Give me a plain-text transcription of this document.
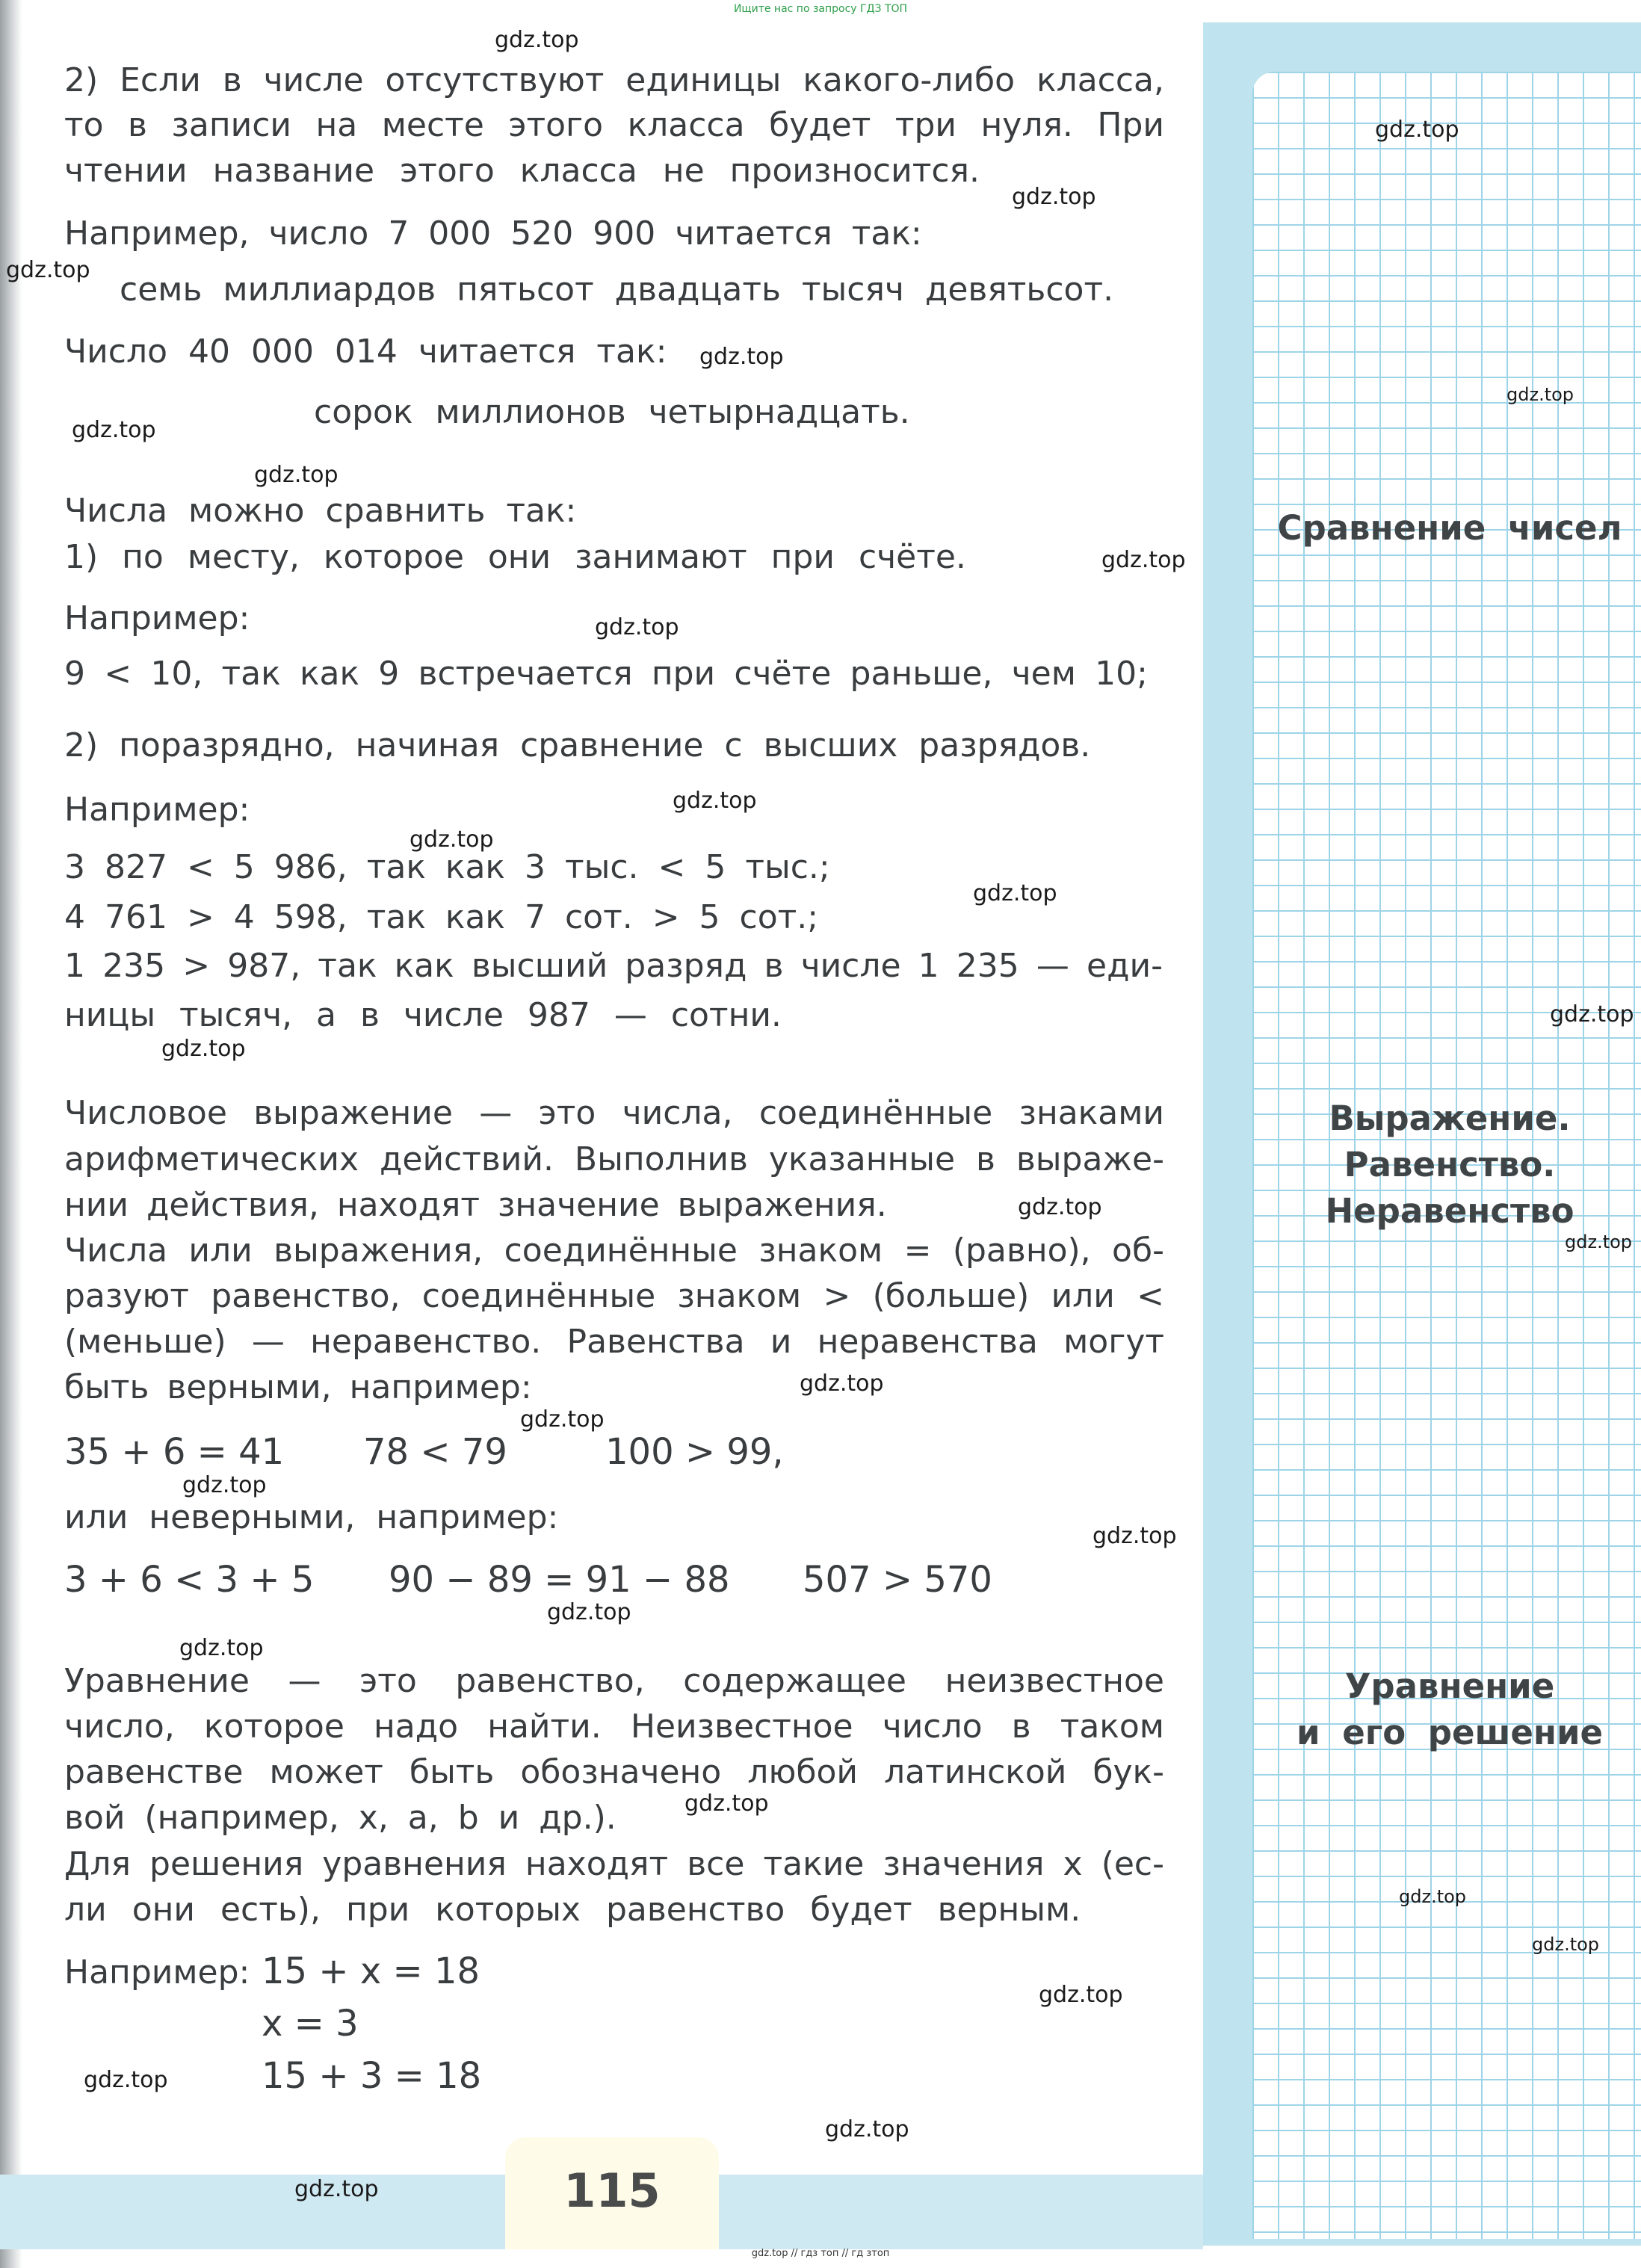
115
Ищите нас по запросу ГДЗ ТОП
gdz.top // гдз топ // гд зтоп
2) Если в числе отсутствуют единицы какого-либо класса,
то в записи на месте этого класса будет три нуля. При
чтении название этого класса не произносится.
Например, число 7 000 520 900 читается так:
семь миллиардов пятьсот двадцать тысяч девятьсот.
Число 40 000 014 читается так:
сорок миллионов четырнадцать.
Числа можно сравнить так:
1) по месту, которое они занимают при счёте.
Например:
9 < 10, так как 9 встречается при счёте раньше, чем 10;
2) поразрядно, начиная сравнение с высших разрядов.
Например:
3 827 < 5 986, так как 3 тыс. < 5 тыс.;
4 761 > 4 598, так как 7 сот. > 5 сот.;
1 235 > 987, так как высший разряд в числе 1 235 — еди-
ницы тысяч, а в числе 987 — сотни.
Числовое выражение — это числа, соединённые знаками
арифметических действий. Выполнив указанные в выраже-
нии действия, находят значение выражения.
Числа или выражения, соединённые знаком = (равно), об-
разуют равенство, соединённые знаком > (больше) или <
(меньше) — неравенство. Равенства и неравенства могут
быть верными, например:
35 + 6 = 41 78 < 79	100 > 99,
или неверными, например:
3 + 6 < 3 + 5 90 − 89 = 91 − 88 507 > 570
Уравнение — это равенство, содержащее неизвестное
число, которое надо найти. Неизвестное число в таком
равенстве может быть обозначено любой латинской бук-
вой (например, x, a, b и др.).
Для решения уравнения находят все такие значения x (ес-
ли они есть), при которых равенство будет верным.
Например: 15 + x = 18
x = 3
15 + 3 = 18
Сравнение чисел
Выражение.
Равенство.
Неравенство
Уравнение
и его решение
gdz.top
gdz.top
gdz.top
gdz.top
gdz.top
gdz.top
gdz.top
gdz.top
gdz.top
gdz.top
gdz.top
gdz.top
gdz.top
gdz.top
gdz.top
gdz.top
gdz.top
gdz.top
gdz.top
gdz.top
gdz.top
gdz.top
gdz.top
gdz.top
gdz.top
gdz.top
gdz.top
gdz.top
gdz.top
gdz.top
